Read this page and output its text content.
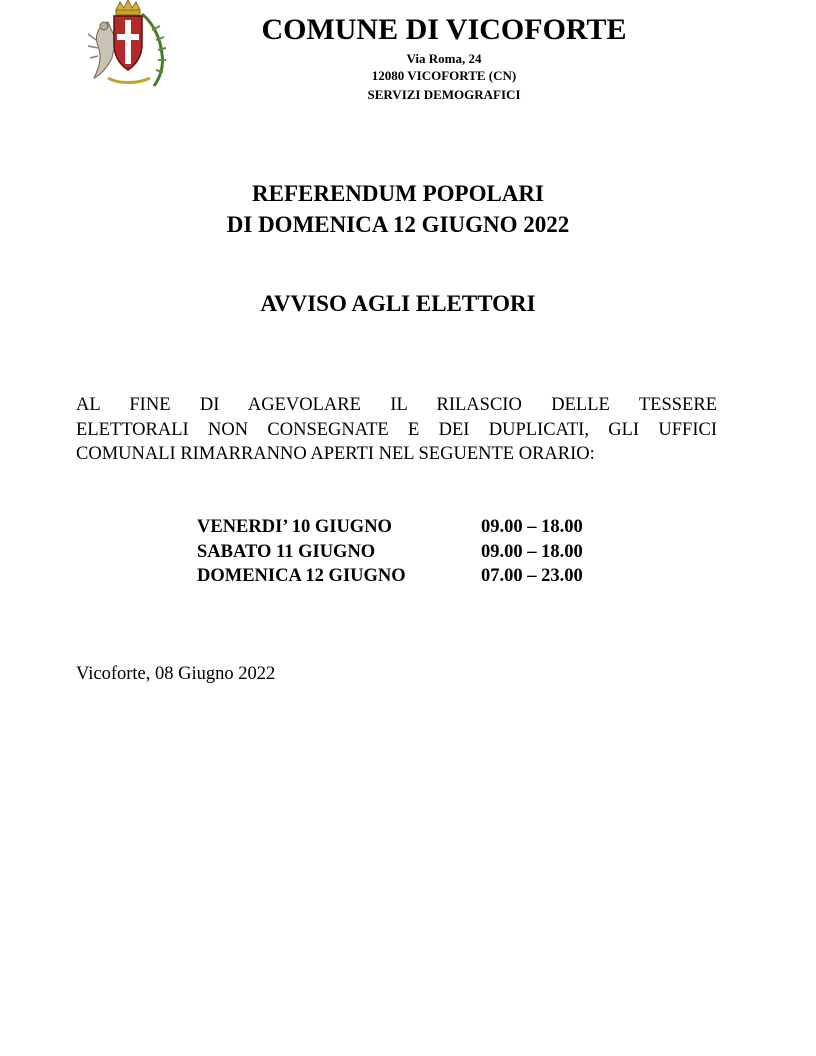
COMUNE DI VICOFORTE
Via Roma, 24
12080 VICOFORTE (CN)
SERVIZI DEMOGRAFICI
REFERENDUM POPOLARI
DI DOMENICA 12 GIUGNO 2022
AVVISO AGLI ELETTORI
AL FINE DI AGEVOLARE IL RILASCIO DELLE TESSERE
ELETTORALI NON CONSEGNATE E DEI DUPLICATI, GLI UFFICI
COMUNALI RIMARRANNO APERTI NEL SEGUENTE ORARIO:
VENERDI’ 10 GIUGNO	09.00 – 18.00
SABATO 11 GIUGNO	09.00 – 18.00
DOMENICA 12 GIUGNO	07.00 – 23.00
Vicoforte, 08 Giugno 2022
